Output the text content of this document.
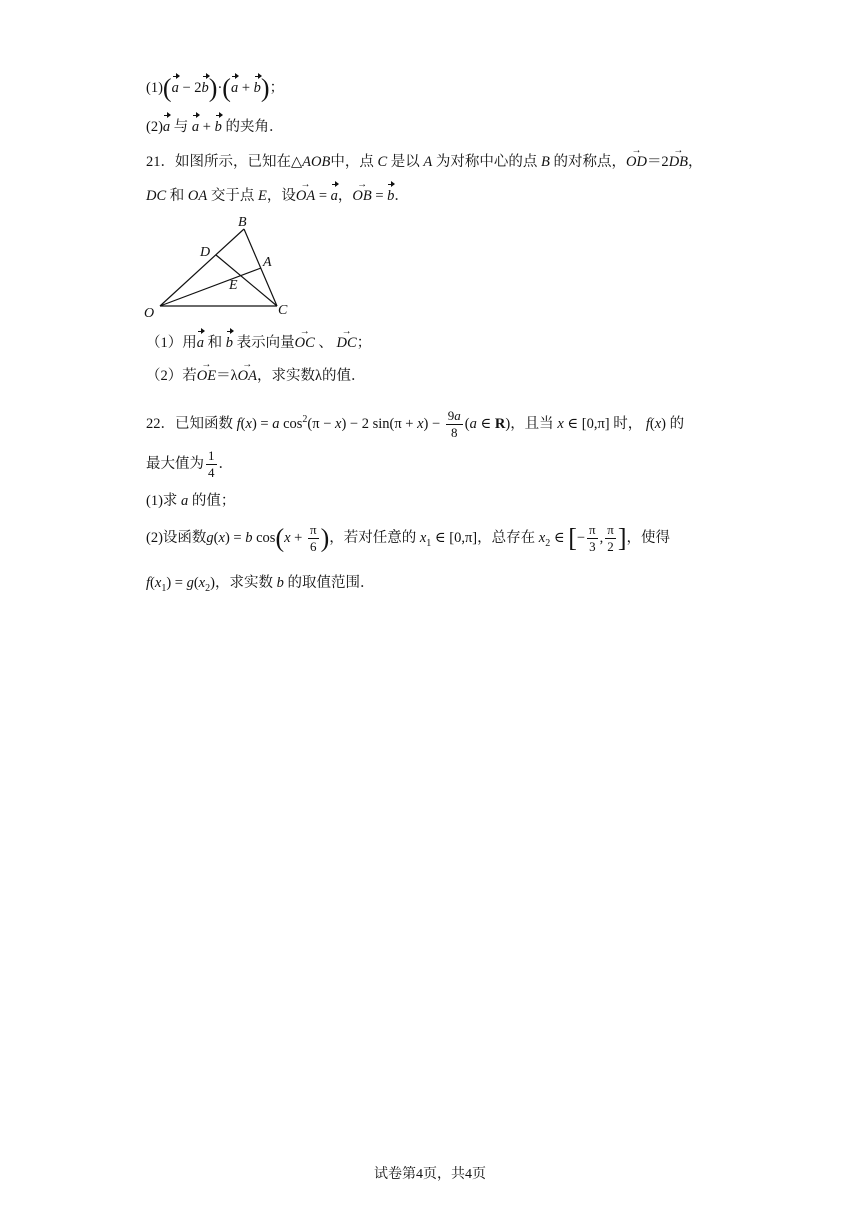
(1)(a − 2b)·(a + b)；
(2)a 与 a + b 的夹角．
21．如图所示，已知在△AOB中，点 C 是以 A 为对称中心的点 B 的对称点，→ OD＝2→ DB，
DC 和 OA 交于点 E，设→ OA = a，→ OB = b．
B
D
A
E
O	C
（1）用a 和 b 表示向量→ OC 、 → DC；
（2）若→ OE＝λ→ OA，求实数λ的值．
22．已知函数 f(x) = a $\cos^2(\pi - x) - 2$ $\sin(\pi + x) - \frac{9a}{8} (a$ ∈ R)，且当 x ∈ [0,π] 时， f(x) 的
最大值为 $\frac{1}{4}$ ．
(1)求 a 的值；
(2)设函数g(x) = b $\cos(x + \frac{\pi}{6}$ )，若对任意的 $x_1$ ∈ [0,π]，总存在 $x_2$ ∈ [− $\frac{\pi}{3}$ , $\frac{\pi}{2}$ ]，使得
$f(x_1) = g(x_2)$，求实数 b 的取值范围．
试卷第4页，共4页
